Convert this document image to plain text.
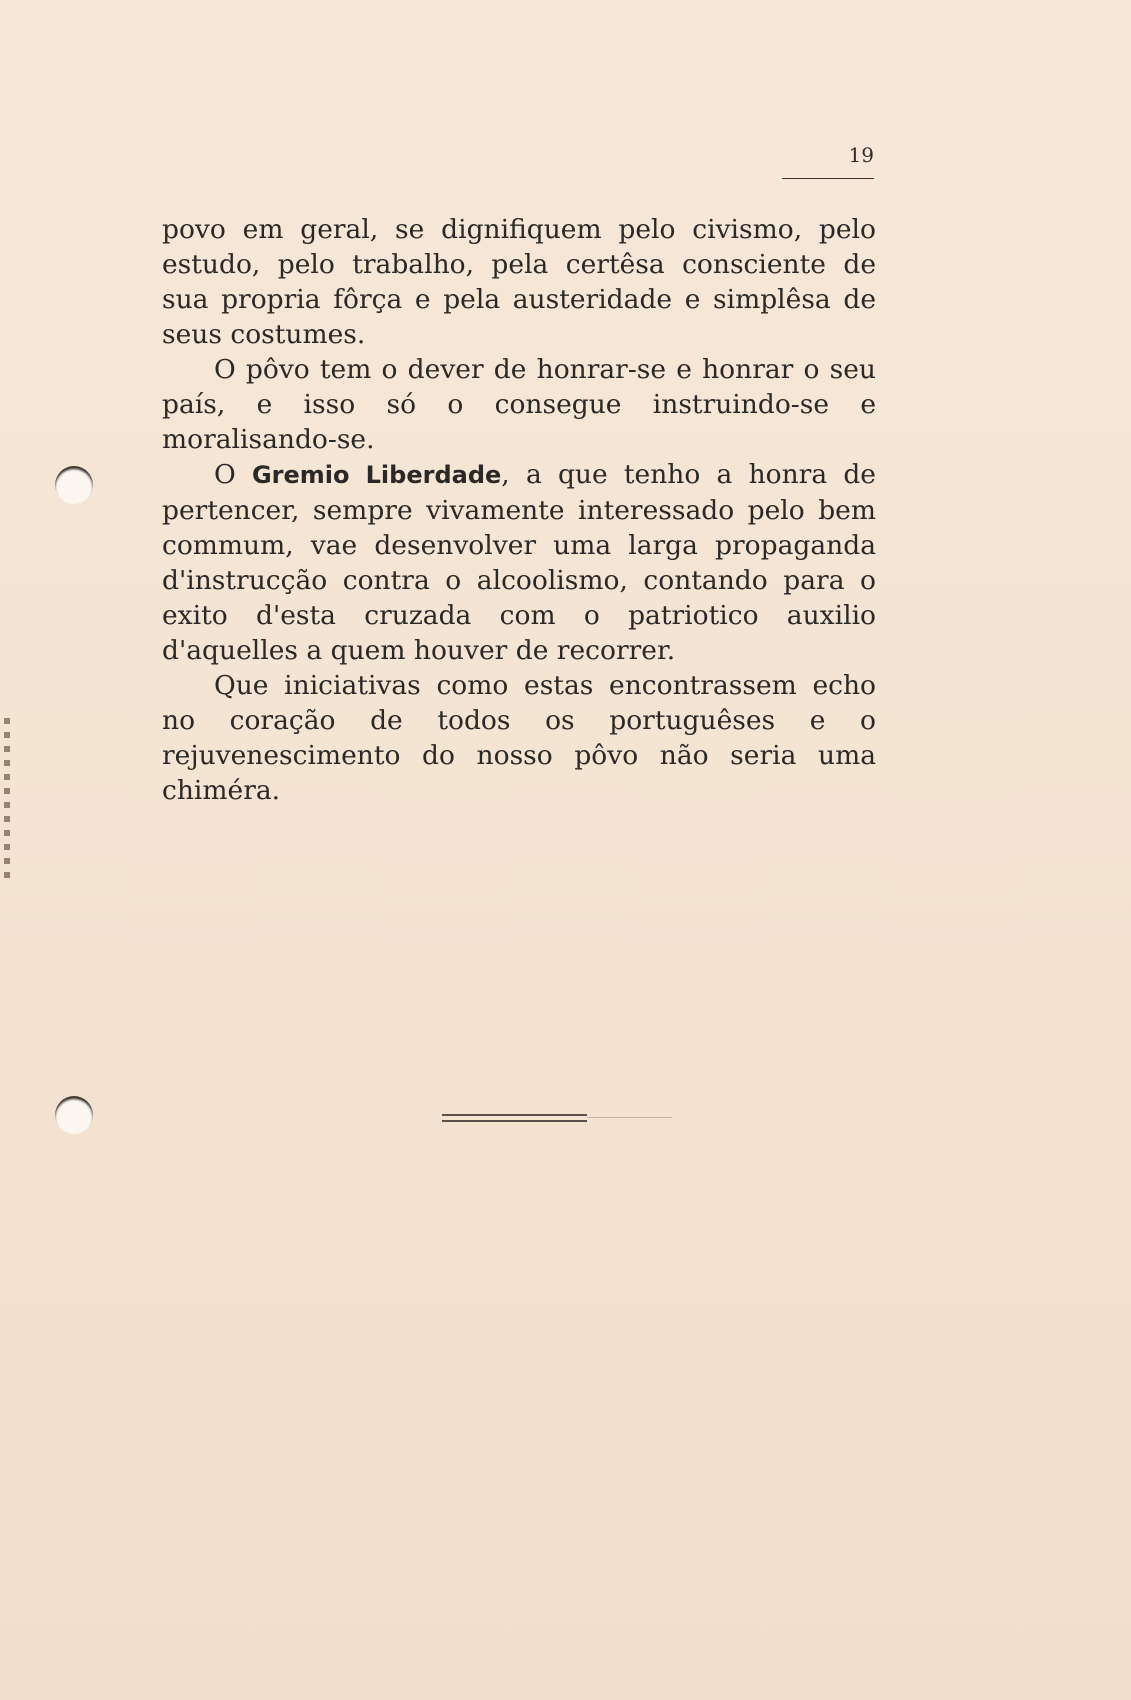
19

povo em geral, se dignifiquem pelo civismo, pelo estudo, pelo trabalho, pela certêsa consciente de sua propria fôrça e pela austeridade e simplêsa de seus costumes.

O pôvo tem o dever de honrar-se e honrar o seu país, e isso só o consegue instruindo-se e moralisando-se.

O Gremio Liberdade, a que tenho a honra de pertencer, sempre vivamente interessado pelo bem commum, vae desenvolver uma larga propaganda d'instrucção contra o alcoolismo, contando para o exito d'esta cruzada com o patriotico auxilio d'aquelles a quem houver de recorrer.

Que iniciativas como estas encontrassem echo no coração de todos os portuguêses e o rejuvenescimento do nosso pôvo não seria uma chiméra.
